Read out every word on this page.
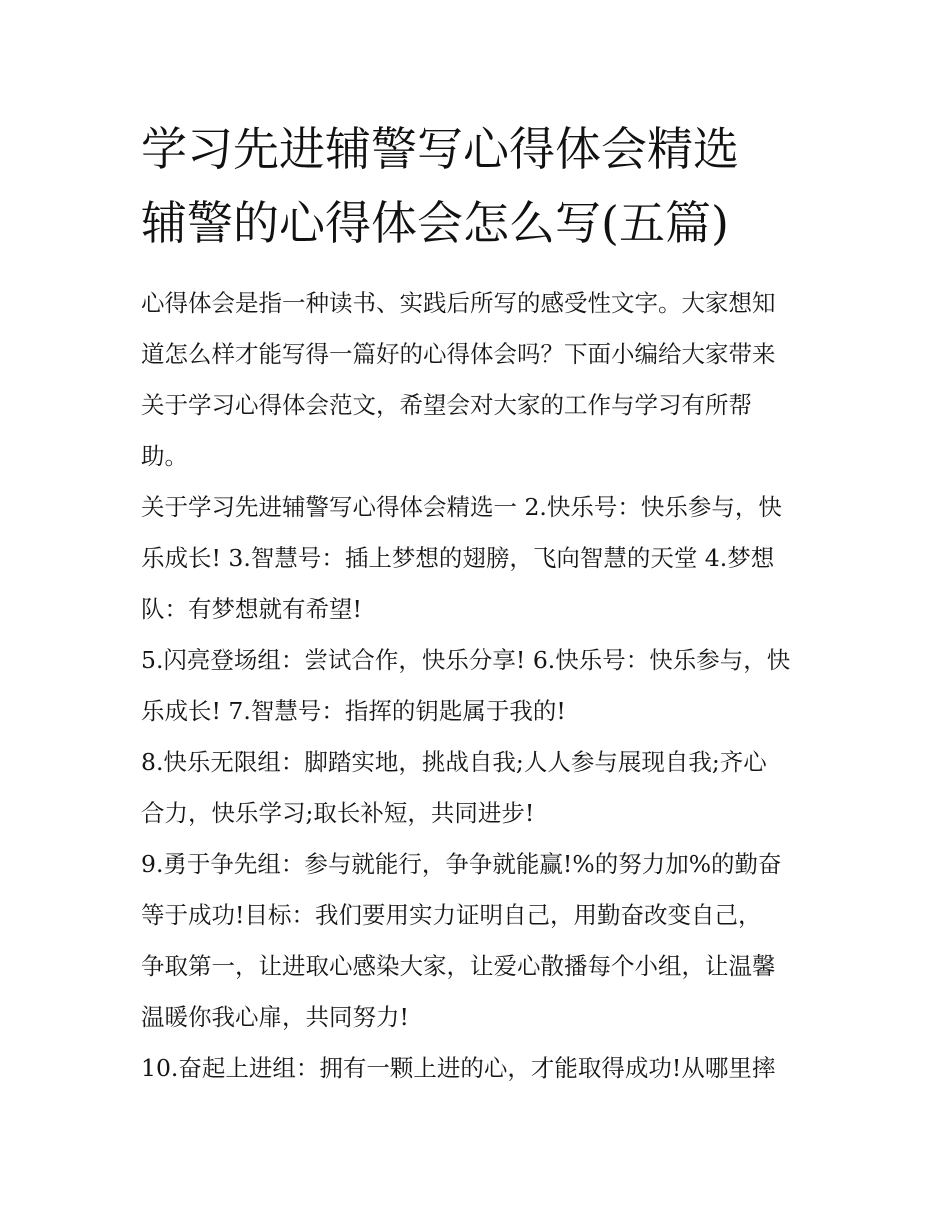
学习先进辅警写心得体会精选
辅警的心得体会怎么写(五篇)

心得体会是指一种读书、实践后所写的感受性文字。大家想知
道怎么样才能写得一篇好的心得体会吗？下面小编给大家带来
关于学习心得体会范文，希望会对大家的工作与学习有所帮
助。

关于学习先进辅警写心得体会精选一 2.快乐号：快乐参与，快
乐成长! 3.智慧号：插上梦想的翅膀，飞向智慧的天堂 4.梦想
队：有梦想就有希望!

5.闪亮登场组：尝试合作，快乐分享! 6.快乐号：快乐参与，快
乐成长! 7.智慧号：指挥的钥匙属于我的!

8.快乐无限组：脚踏实地，挑战自我;人人参与展现自我;齐心
合力，快乐学习;取长补短，共同进步!

9.勇于争先组：参与就能行，争争就能赢!%的努力加%的勤奋
等于成功!目标：我们要用实力证明自己，用勤奋改变自己，
争取第一，让进取心感染大家，让爱心散播每个小组，让温馨
温暖你我心扉，共同努力!

10.奋起上进组：拥有一颗上进的心，才能取得成功!从哪里摔
